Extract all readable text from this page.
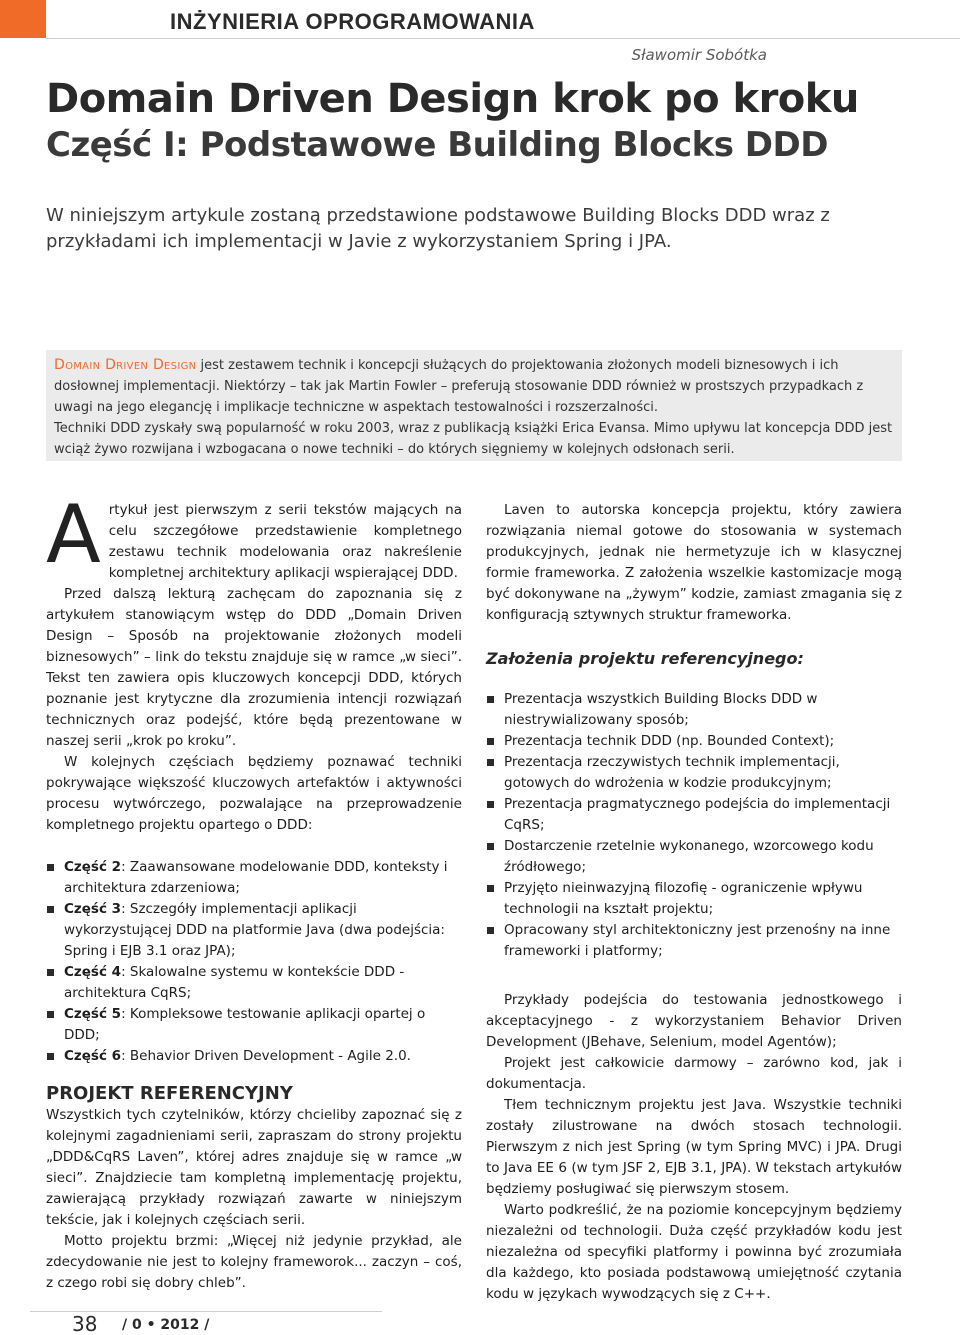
INŻYNIERIA OPROGRAMOWANIA
Sławomir Sobótka
Domain Driven Design krok po kroku
Część I: Podstawowe Building Blocks DDD

W niniejszym artykule zostaną przedstawione podstawowe Building Blocks DDD wraz z przykładami ich implementacji w Javie z wykorzystaniem Spring i JPA.

Domain Driven Design jest zestawem technik i koncepcji służących do projektowania złożonych modeli biznesowych i ich dosłownej implementacji. Niektórzy – tak jak Martin Fowler – preferują stosowanie DDD również w prostszych przypadkach z uwagi na jego elegancję i implikacje techniczne w aspektach testowalności i rozszerzalności.
Techniki DDD zyskały swą popularność w roku 2003, wraz z publikacją książki Erica Evansa. Mimo upływu lat koncepcja DDD jest wciąż żywo rozwijana i wzbogacana o nowe techniki – do których sięgniemy w kolejnych odsłonach serii.

Artykuł jest pierwszym z serii tekstów mających na celu szczegółowe przedstawienie kompletnego zestawu technik modelowania oraz nakreślenie kompletnej architektury aplikacji wspierającej DDD.

Przed dalszą lekturą zachęcam do zapoznania się z artykułem stanowiącym wstęp do DDD „Domain Driven Design – Sposób na projektowanie złożonych modeli biznesowych” – link do tekstu znajduje się w ramce „w sieci”. Tekst ten zawiera opis kluczowych koncepcji DDD, których poznanie jest krytyczne dla zrozumienia intencji rozwiązań technicznych oraz podejść, które będą prezentowane w naszej serii „krok po kroku”.

W kolejnych częściach będziemy poznawać techniki pokrywające większość kluczowych artefaktów i aktywności procesu wytwórczego, pozwalające na przeprowadzenie kompletnego projektu opartego o DDD:

Część 2: Zaawansowane modelowanie DDD, konteksty i architektura zdarzeniowa;
Część 3: Szczegóły implementacji aplikacji wykorzystującej DDD na platformie Java (dwa podejścia: Spring i EJB 3.1 oraz JPA);
Część 4: Skalowalne systemu w kontekście DDD - architektura CqRS;
Część 5: Kompleksowe testowanie aplikacji opartej o DDD;
Część 6: Behavior Driven Development - Agile 2.0.
PROJEKT REFERENCYJNY

Wszystkich tych czytelników, którzy chcieliby zapoznać się z kolejnymi zagadnieniami serii, zapraszam do strony projektu „DDD&CqRS Laven”, której adres znajduje się w ramce „w sieci”. Znajdziecie tam kompletną implementację projektu, zawierającą przykłady rozwiązań zawarte w niniejszym tekście, jak i kolejnych częściach serii.

Motto projektu brzmi: „Więcej niż jedynie przykład, ale zdecydowanie nie jest to kolejny frameworok... zaczyn – coś, z czego robi się dobry chleb”.

Laven to autorska koncepcja projektu, który zawiera rozwiązania niemal gotowe do stosowania w systemach produkcyjnych, jednak nie hermetyzuje ich w klasycznej formie frameworka. Z założenia wszelkie kastomizacje mogą być dokonywane na „żywym” kodzie, zamiast zmagania się z konfiguracją sztywnych struktur frameworka.

Założenia projektu referencyjnego:
Prezentacja wszystkich Building Blocks DDD w niestrywializowany sposób;
Prezentacja technik DDD (np. Bounded Context);
Prezentacja rzeczywistych technik implementacji, gotowych do wdrożenia w kodzie produkcyjnym;
Prezentacja pragmatycznego podejścia do implementacji CqRS;
Dostarczenie rzetelnie wykonanego, wzorcowego kodu źródłowego;
Przyjęto nieinwazyjną filozofię - ograniczenie wpływu technologii na kształt projektu;
Opracowany styl architektoniczny jest przenośny na inne frameworki i platformy;

Przykłady podejścia do testowania jednostkowego i akceptacyjnego - z wykorzystaniem Behavior Driven Development (JBehave, Selenium, model Agentów);

Projekt jest całkowicie darmowy – zarówno kod, jak i dokumentacja.

Tłem technicznym projektu jest Java. Wszystkie techniki zostały zilustrowane na dwóch stosach technologii. Pierwszym z nich jest Spring (w tym Spring MVC) i JPA. Drugi to Java EE 6 (w tym JSF 2, EJB 3.1, JPA). W tekstach artykułów będziemy posługiwać się pierwszym stosem.

Warto podkreślić, że na poziomie koncepcyjnym będziemy niezależni od technologii. Duża część przykładów kodu jest niezależna od specyfiki platformy i powinna być zrozumiała dla każdego, kto posiada podstawową umiejętność czytania kodu w językach wywodzących się z C++.

38 / 0 • 2012 /
